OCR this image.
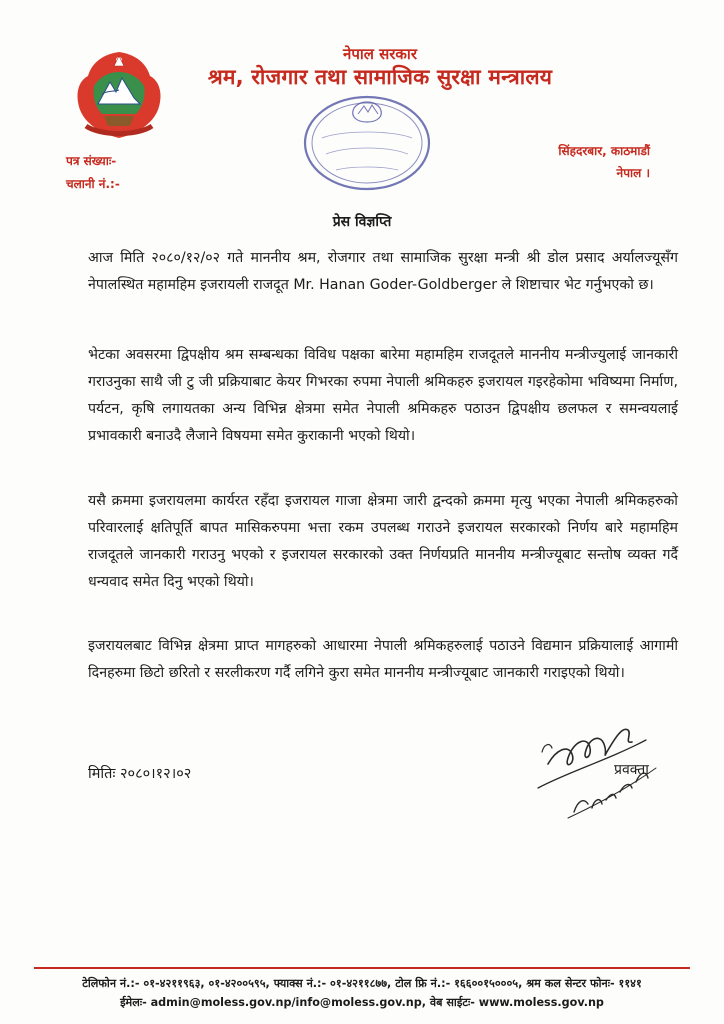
नेपाल सरकार
श्रम, रोजगार तथा सामाजिक सुरक्षा मन्त्रालय
पत्र संख्याः-
चलानी नं.:-
सिंहदरबार, काठमाडौं
नेपाल ।
प्रेस विज्ञप्ति
आज मिति २०८०/१२/०२ गते माननीय श्रम, रोजगार तथा सामाजिक सुरक्षा मन्त्री श्री डोल प्रसाद अर्यालज्यूसँग नेपालस्थित महामहिम इजरायली राजदूत Mr. Hanan Goder-Goldberger ले शिष्टाचार भेट गर्नुभएको छ।
भेटका अवसरमा द्विपक्षीय श्रम सम्बन्धका विविध पक्षका बारेमा महामहिम राजदूतले माननीय मन्त्रीज्युलाई जानकारी गराउनुका साथै जी टु जी प्रक्रियाबाट केयर गिभरका रुपमा नेपाली श्रमिकहरु इजरायल गइरहेकोमा भविष्यमा निर्माण, पर्यटन, कृषि लगायतका अन्य विभिन्न क्षेत्रमा समेत नेपाली श्रमिकहरु पठाउन द्विपक्षीय छलफल र समन्वयलाई प्रभावकारी बनाउदै लैजाने विषयमा समेत कुराकानी भएको थियो।
यसै क्रममा इजरायलमा कार्यरत रहँदा इजरायल गाजा क्षेत्रमा जारी द्वन्दको क्रममा मृत्यु भएका नेपाली श्रमिकहरुको परिवारलाई क्षतिपूर्ति बापत मासिकरुपमा भत्ता रकम उपलब्ध गराउने इजरायल सरकारको निर्णय बारे महामहिम राजदूतले जानकारी गराउनु भएको र इजरायल सरकारको उक्त निर्णयप्रति माननीय मन्त्रीज्यूबाट सन्तोष व्यक्त गर्दै धन्यवाद समेत दिनु भएको थियो।
इजरायलबाट विभिन्न क्षेत्रमा प्राप्त मागहरुको आधारमा नेपाली श्रमिकहरुलाई पठाउने विद्यमान प्रक्रियालाई आगामी दिनहरुमा छिटो छरितो र सरलीकरण गर्दै लगिने कुरा समेत माननीय मन्त्रीज्यूबाट जानकारी गराइएको थियो।
मितिः २०८०।१२।०२	प्रवक्ता
टेलिफोन नं.:- ०१-४२११९६३, ०१-४२००५९५, फ्याक्स नं.:- ०१-४२११८७७, टोल फ्रि नं.:- १६६००१५०००५, श्रम कल सेन्टर फोनः- ११४१
ईमेलः- admin@moless.gov.np/info@moless.gov.np, वेब साईटः- www.moless.gov.np
